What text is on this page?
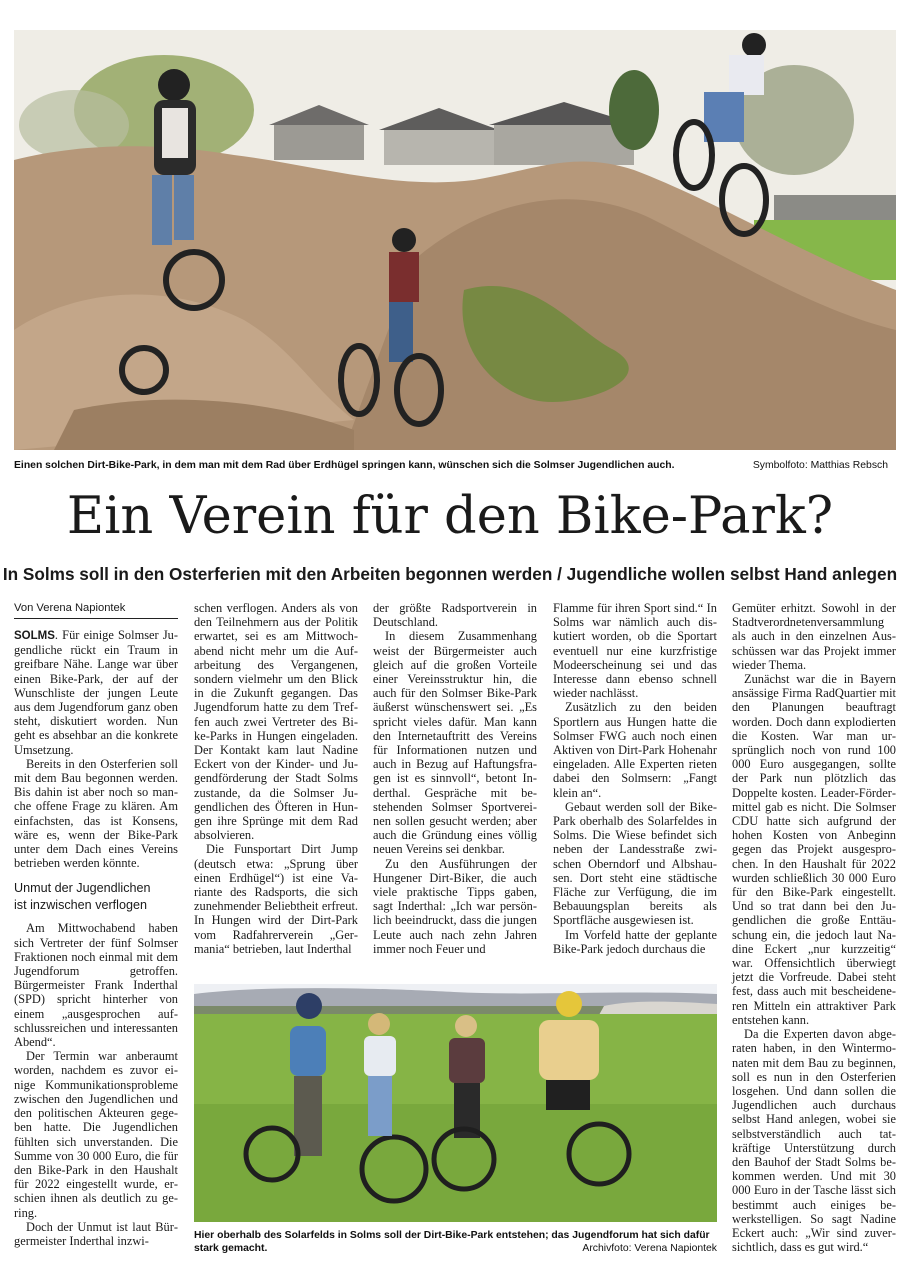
Einen solchen Dirt-Bike-Park, in dem man mit dem Rad über Erdhügel springen kann, wünschen sich die Solmser Jugendlichen auch.	Symbolfoto: Matthias Rebsch
Ein Verein für den Bike-Park?
In Solms soll in den Osterferien mit den Arbeiten begonnen werden / Jugendliche wollen selbst Hand anlegen
Von Verena Napiontek

SOLMS. Für einige Solmser Jugendliche rückt ein Traum in greifbare Nähe. Lange war über einen Bike-Park, der auf der Wunschliste der jungen Leute aus dem Jugendforum ganz oben steht, diskutiert worden. Nun geht es absehbar an die konkrete Umsetzung.

Bereits in den Osterferien soll mit dem Bau begonnen werden. Bis dahin ist aber noch so manche offene Frage zu klären. Am einfachsten, das ist Konsens, wäre es, wenn der Bike-Park unter dem Dach eines Vereins betrieben werden könnte.

Unmut der Jugendlichen
ist inzwischen verflogen

Am Mittwochabend haben sich Vertreter der fünf Solmser Fraktionen noch einmal mit dem Jugendforum getroffen. Bürgermeister Frank Inderthal (SPD) spricht hinterher von einem „ausgesprochen aufschlussreichen und interessanten Abend“.

Der Termin war anberaumt worden, nachdem es zuvor einige Kommunikationsprobleme zwischen den Jugendlichen und den politischen Akteuren gegeben hatte. Die Jugendlichen fühlten sich unverstanden. Die Summe von 30 000 Euro, die für den Bike-Park in den Haushalt für 2022 eingestellt wurde, erschien ihnen als deutlich zu gering.

Doch der Unmut ist laut Bürgermeister Inderthal inzwi-

schen verflogen. Anders als von den Teilnehmern aus der Politik erwartet, sei es am Mittwochabend nicht mehr um die Aufarbeitung des Vergangenen, sondern vielmehr um den Blick in die Zukunft gegangen. Das Jugendforum hatte zu dem Treffen auch zwei Vertreter des Bike-Parks in Hungen eingeladen. Der Kontakt kam laut Nadine Eckert von der Kinder- und Jugendförderung der Stadt Solms zustande, da die Solmser Jugendlichen des Öfteren in Hungen ihre Sprünge mit dem Rad absolvieren.

Die Funsportart Dirt Jump (deutsch etwa: „Sprung über einen Erdhügel“) ist eine Variante des Radsports, die sich zunehmender Beliebtheit erfreut. In Hungen wird der Dirt-Park vom Radfahrerverein „Germania“ betrieben, laut Inderthal

der größte Radsportverein in Deutschland.

In diesem Zusammenhang weist der Bürgermeister auch gleich auf die großen Vorteile einer Vereinsstruktur hin, die auch für den Solmser Bike-Park äußerst wünschenswert sei. „Es spricht vieles dafür. Man kann den Internetauftritt des Vereins für Informationen nutzen und auch in Bezug auf Haftungsfragen ist es sinnvoll“, betont Inderthal. Gespräche mit bestehenden Solmser Sportvereinen sollen gesucht werden; aber auch die Gründung eines völlig neuen Vereins sei denkbar.

Zu den Ausführungen der Hungener Dirt-Biker, die auch viele praktische Tipps gaben, sagt Inderthal: „Ich war persönlich beeindruckt, dass die jungen Leute auch nach zehn Jahren immer noch Feuer und

Flamme für ihren Sport sind.“ In Solms war nämlich auch diskutiert worden, ob die Sportart eventuell nur eine kurzfristige Modeerscheinung sei und das Interesse dann ebenso schnell wieder nachlässt.

Zusätzlich zu den beiden Sportlern aus Hungen hatte die Solmser FWG auch noch einen Aktiven von Dirt-Park Hohenahr eingeladen. Alle Experten rieten dabei den Solmsern: „Fangt klein an“.

Gebaut werden soll der Bike-Park oberhalb des Solarfeldes in Solms. Die Wiese befindet sich neben der Landesstraße zwischen Oberndorf und Albshausen. Dort steht eine städtische Fläche zur Verfügung, die im Bebauungsplan bereits als Sportfläche ausgewiesen ist.

Im Vorfeld hatte der geplante Bike-Park jedoch durchaus die

Gemüter erhitzt. Sowohl in der Stadtverordnetenversammlung als auch in den einzelnen Ausschüssen war das Projekt immer wieder Thema.

Zunächst war die in Bayern ansässige Firma RadQuartier mit den Planungen beauftragt worden. Doch dann explodierten die Kosten. War man ursprünglich noch von rund 100 000 Euro ausgegangen, sollte der Park nun plötzlich das Doppelte kosten. Leader-Fördermittel gab es nicht. Die Solmser CDU hatte sich aufgrund der hohen Kosten von Anbeginn gegen das Projekt ausgesprochen. In den Haushalt für 2022 wurden schließlich 30 000 Euro für den Bike-Park eingestellt. Und so trat dann bei den Jugendlichen die große Enttäuschung ein, die jedoch laut Nadine Eckert „nur kurzzeitig“ war. Offensichtlich überwiegt jetzt die Vorfreude. Dabei steht fest, dass auch mit bescheideneren Mitteln ein attraktiver Park entstehen kann.

Da die Experten davon abgeraten haben, in den Wintermonaten mit dem Bau zu beginnen, soll es nun in den Osterferien losgehen. Und dann sollen die Jugendlichen auch durchaus selbst Hand anlegen, wobei sie selbstverständlich auch tatkräftige Unterstützung durch den Bauhof der Stadt Solms bekommen werden. Und mit 30 000 Euro in der Tasche lässt sich bestimmt auch einiges bewerkstelligen. So sagt Nadine Eckert auch: „Wir sind zuversichtlich, dass es gut wird.“

Hier oberhalb des Solarfelds in Solms soll der Dirt-Bike-Park entstehen; das Jugendforum hat sich dafür stark gemacht.	Archivfoto: Verena Napiontek
